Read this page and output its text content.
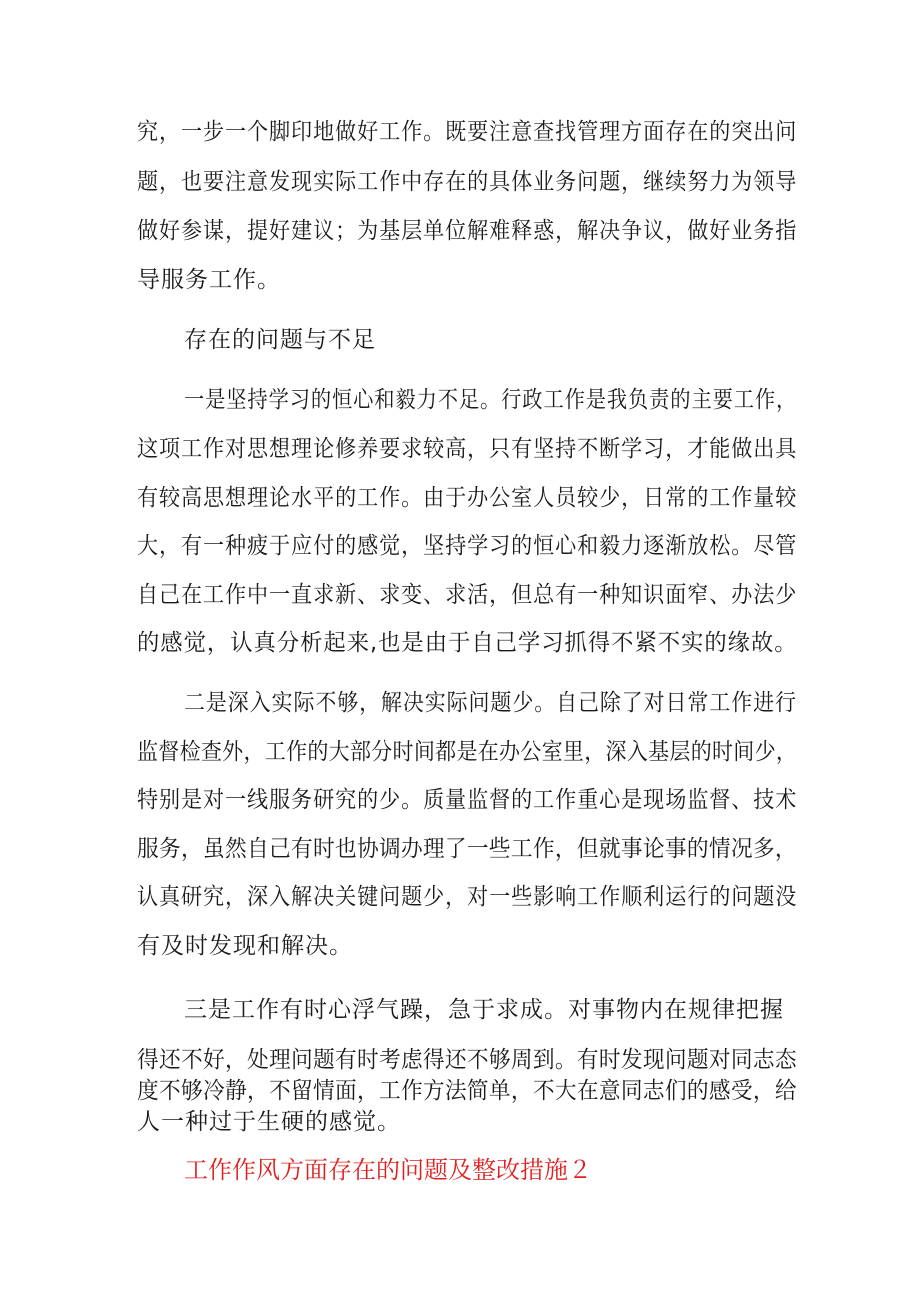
究，一步一个脚印地做好工作。既要注意查找管理方面存在的突出问
题，也要注意发现实际工作中存在的具体业务问题，继续努力为领导
做好参谋，提好建议；为基层单位解难释惑，解决争议，做好业务指
导服务工作。
存在的问题与不足
一是坚持学习的恒心和毅力不足。行政工作是我负责的主要工作，
这项工作对思想理论修养要求较高，只有坚持不断学习，才能做出具
有较高思想理论水平的工作。由于办公室人员较少，日常的工作量较
大，有一种疲于应付的感觉，坚持学习的恒心和毅力逐渐放松。尽管
自己在工作中一直求新、求变、求活，但总有一种知识面窄、办法少
的感觉，认真分析起来,也是由于自己学习抓得不紧不实的缘故。
二是深入实际不够，解决实际问题少。自己除了对日常工作进行
监督检查外，工作的大部分时间都是在办公室里，深入基层的时间少，
特别是对一线服务研究的少。质量监督的工作重心是现场监督、技术
服务，虽然自己有时也协调办理了一些工作，但就事论事的情况多，
认真研究，深入解决关键问题少，对一些影响工作顺利运行的问题没
有及时发现和解决。
三是工作有时心浮气躁，急于求成。对事物内在规律把握
得还不好，处理问题有时考虑得还不够周到。有时发现问题对同志态
度不够冷静，不留情面，工作方法简单，不大在意同志们的感受，给
人一种过于生硬的感觉。
工作作风方面存在的问题及整改措施２
